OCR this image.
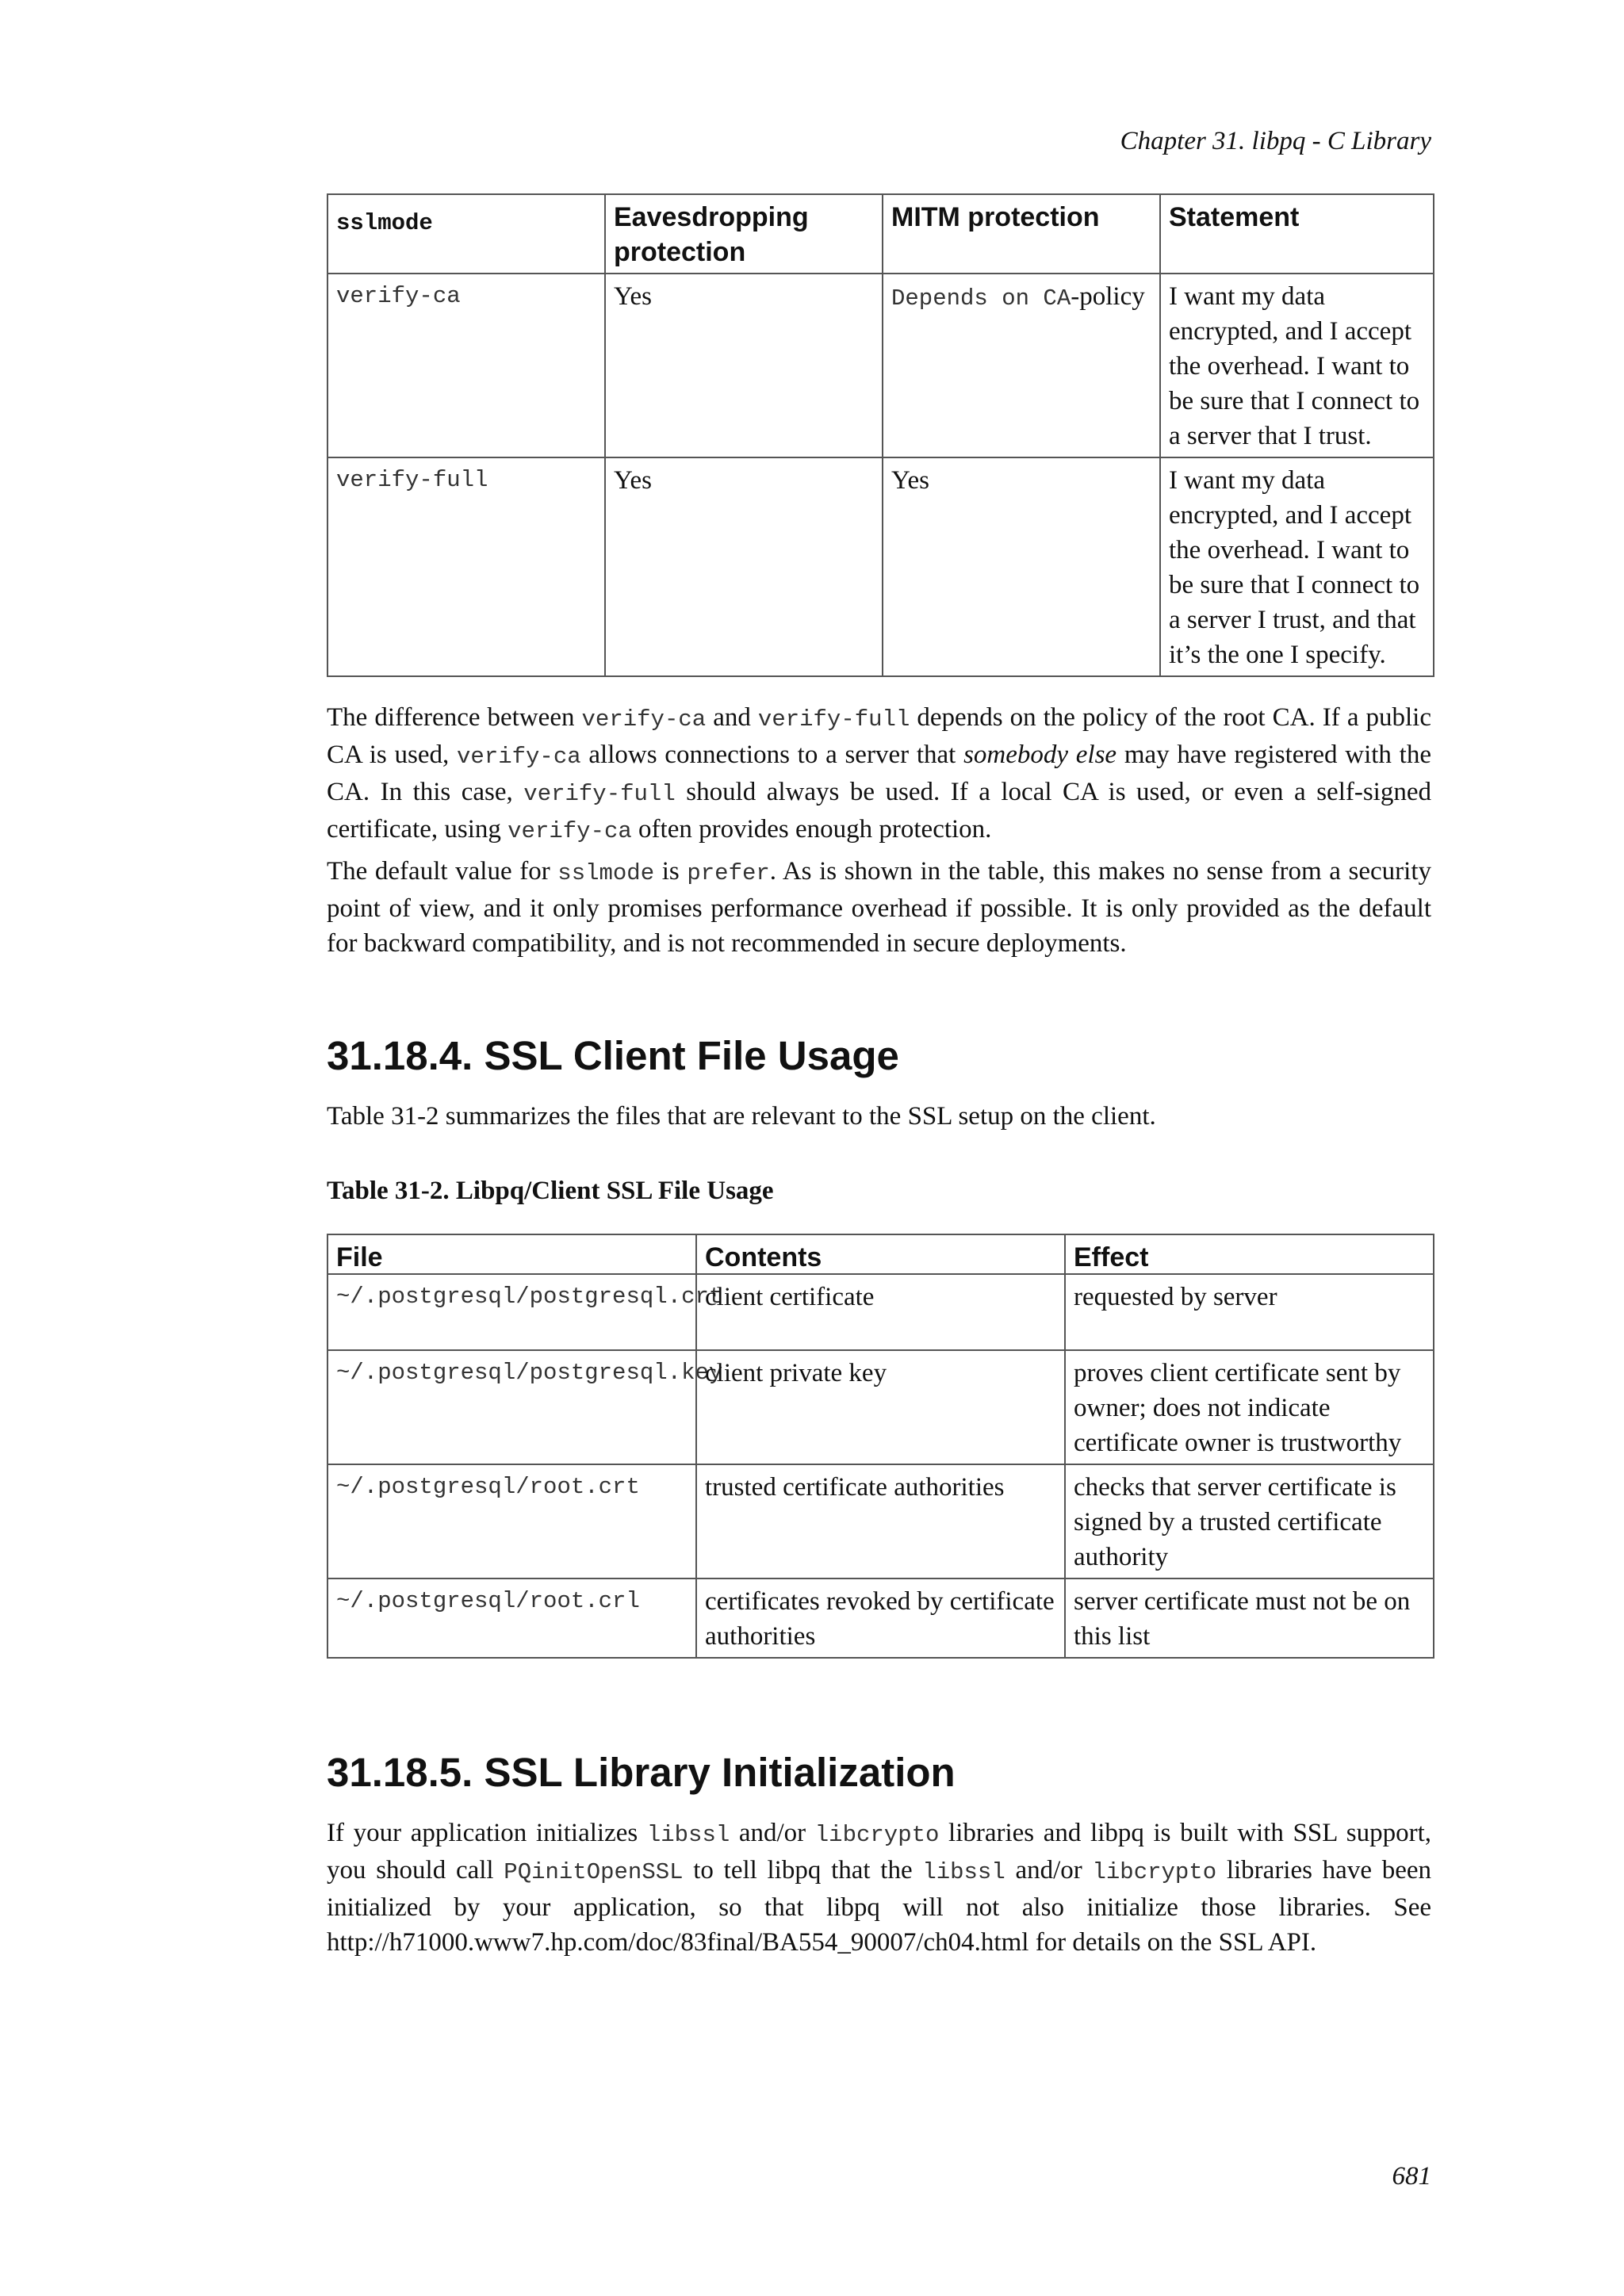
Chapter 31. libpq - C Library
sslmode	Eavesdropping protection	MITM protection	Statement
verify-ca	Yes	Depends on CA-policy	I want my data encrypted, and I accept the overhead. I want to be sure that I connect to a server that I trust.
verify-full	Yes	Yes	I want my data encrypted, and I accept the overhead. I want to be sure that I connect to a server I trust, and that it’s the one I specify.

The difference between verify-ca and verify-full depends on the policy of the root CA. If a public CA is used, verify-ca allows connections to a server that somebody else may have registered with the CA. In this case, verify-full should always be used. If a local CA is used, or even a self-signed certificate, using verify-ca often provides enough protection.

The default value for sslmode is prefer. As is shown in the table, this makes no sense from a security point of view, and it only promises performance overhead if possible. It is only provided as the default for backward compatibility, and is not recommended in secure deployments.

31.18.4. SSL Client File Usage

Table 31-2 summarizes the files that are relevant to the SSL setup on the client.

Table 31-2. Libpq/Client SSL File Usage
File	Contents	Effect
~/.postgresql/postgresql.crt	client certificate	requested by server
~/.postgresql/postgresql.key	client private key	proves client certificate sent by owner; does not indicate certificate owner is trustworthy
~/.postgresql/root.crt	trusted certificate authorities	checks that server certificate is signed by a trusted certificate authority
~/.postgresql/root.crl	certificates revoked by certificate authorities	server certificate must not be on this list
31.18.5. SSL Library Initialization

If your application initializes libssl and/or libcrypto libraries and libpq is built with SSL support, you should call PQinitOpenSSL to tell libpq that the libssl and/or libcrypto libraries have been initialized by your application, so that libpq will not also initialize those libraries. See http://h71000.www7.hp.com/doc/83final/BA554_90007/ch04.html for details on the SSL API.

681
